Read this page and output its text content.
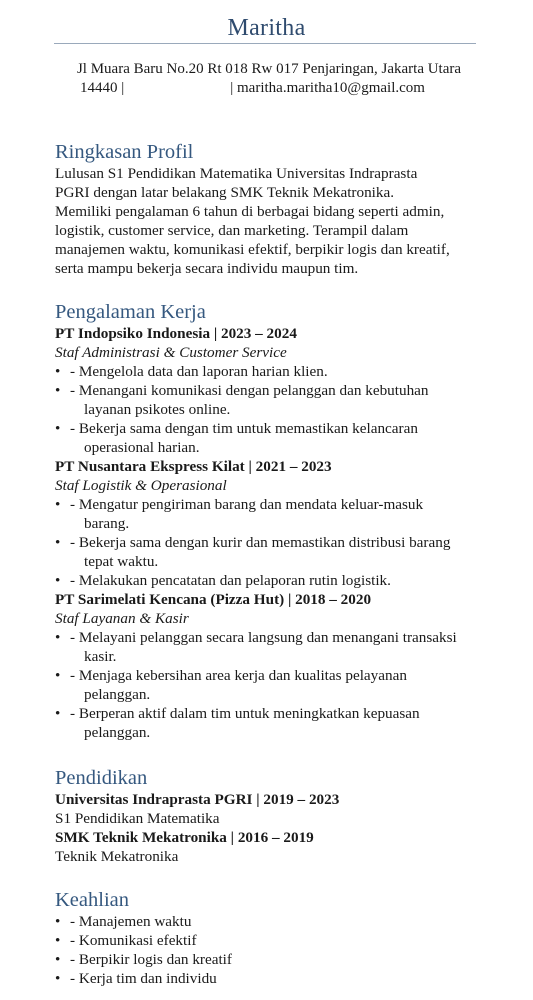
Maritha
Jl Muara Baru No.20 Rt 018 Rw 017 Penjaringan, Jakarta Utara
14440 |	| maritha.maritha10@gmail.com
Ringkasan Profil
Lulusan S1 Pendidikan Matematika Universitas Indraprasta
PGRI dengan latar belakang SMK Teknik Mekatronika.
Memiliki pengalaman 6 tahun di berbagai bidang seperti admin,
logistik, customer service, dan marketing. Terampil dalam
manajemen waktu, komunikasi efektif, berpikir logis dan kreatif,
serta mampu bekerja secara individu maupun tim.
Pengalaman Kerja
PT Indopsiko Indonesia | 2023 – 2024
Staf Administrasi & Customer Service
• - Mengelola data dan laporan harian klien.
• - Menangani komunikasi dengan pelanggan dan kebutuhan
layanan psikotes online.
• - Bekerja sama dengan tim untuk memastikan kelancaran
operasional harian.
PT Nusantara Ekspress Kilat | 2021 – 2023
Staf Logistik & Operasional
• - Mengatur pengiriman barang dan mendata keluar-masuk
barang.
• - Bekerja sama dengan kurir dan memastikan distribusi barang
tepat waktu.
• - Melakukan pencatatan dan pelaporan rutin logistik.
PT Sarimelati Kencana (Pizza Hut) | 2018 – 2020
Staf Layanan & Kasir
• - Melayani pelanggan secara langsung dan menangani transaksi
kasir.
• - Menjaga kebersihan area kerja dan kualitas pelayanan
pelanggan.
• - Berperan aktif dalam tim untuk meningkatkan kepuasan
pelanggan.
Pendidikan
Universitas Indraprasta PGRI | 2019 – 2023
S1 Pendidikan Matematika
SMK Teknik Mekatronika | 2016 – 2019
Teknik Mekatronika
Keahlian
• - Manajemen waktu
• - Komunikasi efektif
• - Berpikir logis dan kreatif
• - Kerja tim dan individu
